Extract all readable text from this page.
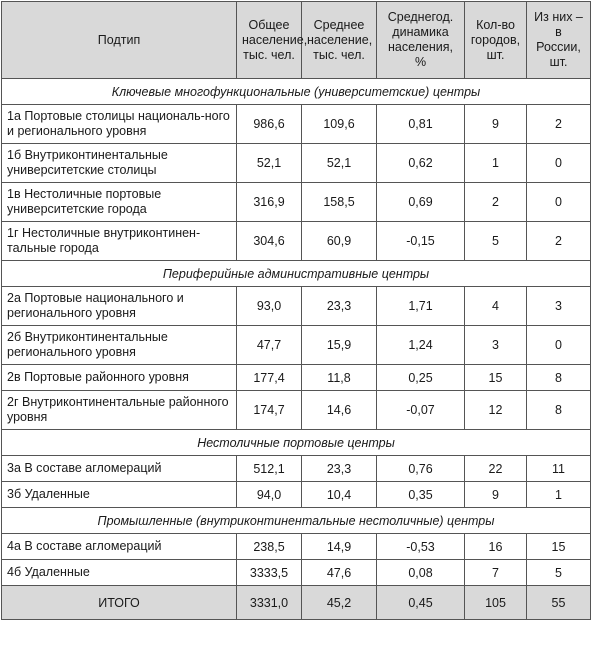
Подтип	Общее население, тыс. чел.	Среднее население, тыс. чел.	Среднегод. динамика населения, %	Кол-во городов, шт.	Из них – в России, шт.
Ключевые многофункциональные (университетские) центры					
1а Портовые столицы националь-ного и регионального уровня	986,6	109,6	0,81	9	2
1б Внутриконтинентальные университетские столицы	52,1	52,1	0,62	1	0
1в Нестоличные портовые университетские города	316,9	158,5	0,69	2	0
1г Нестоличные внутриконтинен-тальные города	304,6	60,9	-0,15	5	2
Периферийные административные центры					
2а Портовые национального и регионального уровня	93,0	23,3	1,71	4	3
2б Внутриконтинентальные регионального уровня	47,7	15,9	1,24	3	0
2в Портовые районного уровня	177,4	11,8	0,25	15	8
2г Внутриконтинентальные районного уровня	174,7	14,6	-0,07	12	8
Нестоличные портовые центры					
3а В составе агломераций	512,1	23,3	0,76	22	11
3б Удаленные	94,0	10,4	0,35	9	1
Промышленные (внутриконтинентальные нестоличные) центры					
4а В составе агломераций	238,5	14,9	-0,53	16	15
4б Удаленные	3333,5	47,6	0,08	7	5
ИТОГО	3331,0	45,2	0,45	105	55
